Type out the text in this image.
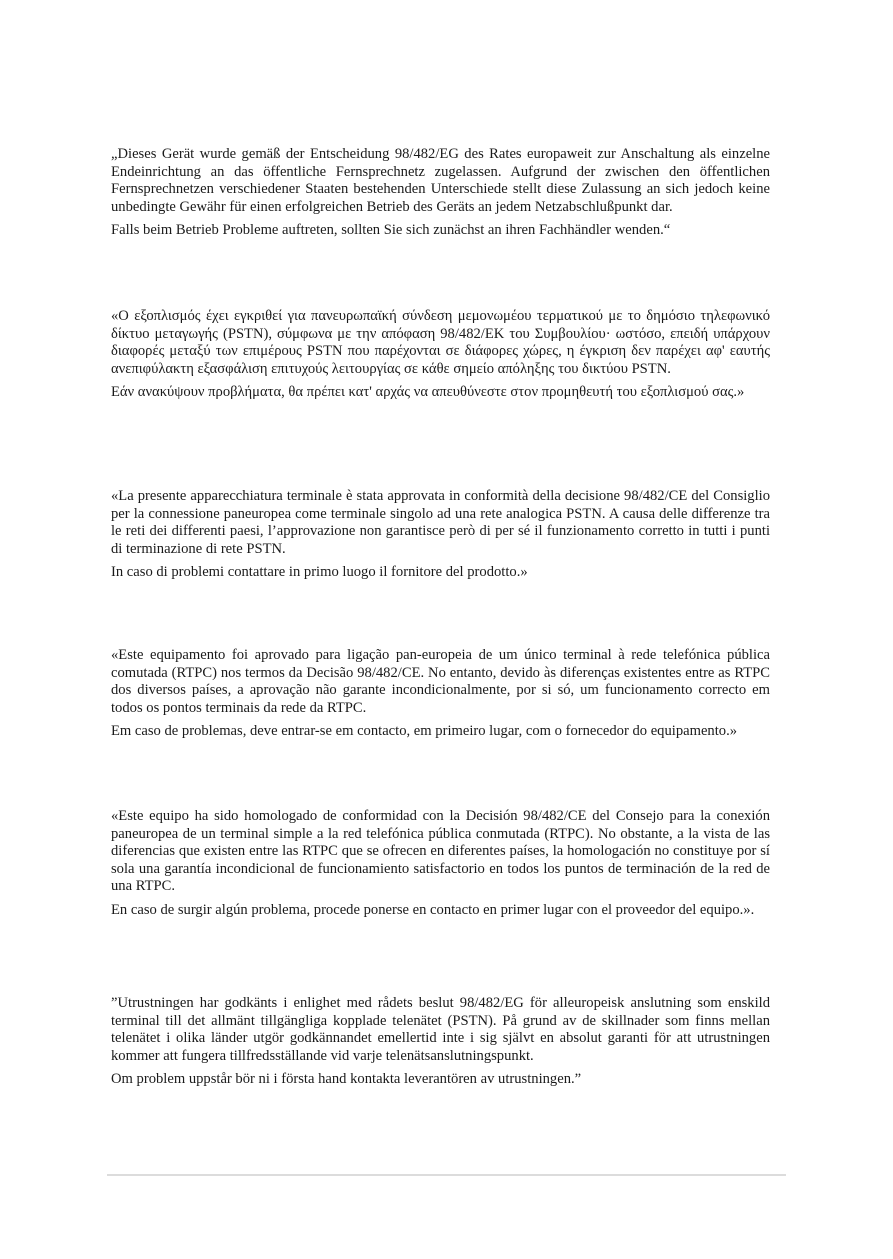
„Dieses Gerät wurde gemäß der Entscheidung 98/482/EG des Rates europaweit zur Anschaltung als einzelne Endeinrichtung an das öffentliche Fernsprechnetz zugelassen. Aufgrund der zwischen den öffentlichen Fernsprechnetzen verschiedener Staaten bestehenden Unterschiede stellt diese Zulassung an sich jedoch keine unbedingte Gewähr für einen erfolgreichen Betrieb des Geräts an jedem Netzabschlußpunkt dar.

Falls beim Betrieb Probleme auftreten, sollten Sie sich zunächst an ihren Fachhändler wenden.“

«Ο εξοπλισμός έχει εγκριθεί για πανευρωπαϊκή σύνδεση μεμονωμέου τερματικού με το δημόσιο τηλεφωνικό δίκτυο μεταγωγής (PSTN), σύμφωνα με την απόφαση 98/482/ΕΚ του Συμβουλίου· ωστόσο, επειδή υπάρχουν διαφορές μεταξύ των επιμέρους PSTN που παρέχονται σε διάφορες χώρες, η έγκριση δεν παρέχει αφ' εαυτής ανεπιφύλακτη εξασφάλιση επιτυχούς λειτουργίας σε κάθε σημείο απόληξης του δικτύου PSTN.

Εάν ανακύψουν προβλήματα, θα πρέπει κατ' αρχάς να απευθύνεστε στον προμηθευτή του εξοπλισμού σας.»

«La presente apparecchiatura terminale è stata approvata in conformità della decisione 98/482/CE del Consiglio per la connessione paneuropea come terminale singolo ad una rete analogica PSTN. A causa delle differenze tra le reti dei differenti paesi, l’approvazione non garantisce però di per sé il funzionamento corretto in tutti i punti di terminazione di rete PSTN.

In caso di problemi contattare in primo luogo il fornitore del prodotto.»

«Este equipamento foi aprovado para ligação pan-europeia de um único terminal à rede telefónica pública comutada (RTPC) nos termos da Decisão 98/482/CE. No entanto, devido às diferenças existentes entre as RTPC dos diversos países, a aprovação não garante incondicionalmente, por si só, um funcionamento correcto em todos os pontos terminais da rede da RTPC.

Em caso de problemas, deve entrar-se em contacto, em primeiro lugar, com o fornecedor do equipamento.»

«Este equipo ha sido homologado de conformidad con la Decisión 98/482/CE del Consejo para la conexión paneuropea de un terminal simple a la red telefónica pública conmutada (RTPC). No obstante, a la vista de las diferencias que existen entre las RTPC que se ofrecen en diferentes países, la homologación no constituye por sí sola una garantía incondicional de funcionamiento satisfactorio en todos los puntos de terminación de la red de una RTPC.

En caso de surgir algún problema, procede ponerse en contacto en primer lugar con el proveedor del equipo.».

”Utrustningen har godkänts i enlighet med rådets beslut 98/482/EG för alleuropeisk anslutning som enskild terminal till det allmänt tillgängliga kopplade telenätet (PSTN). På grund av de skillnader som finns mellan telenätet i olika länder utgör godkännandet emellertid inte i sig självt en absolut garanti för att utrustningen kommer att fungera tillfredsställande vid varje telenätsanslutningspunkt.

Om problem uppstår bör ni i första hand kontakta leverantören av utrustningen.”
